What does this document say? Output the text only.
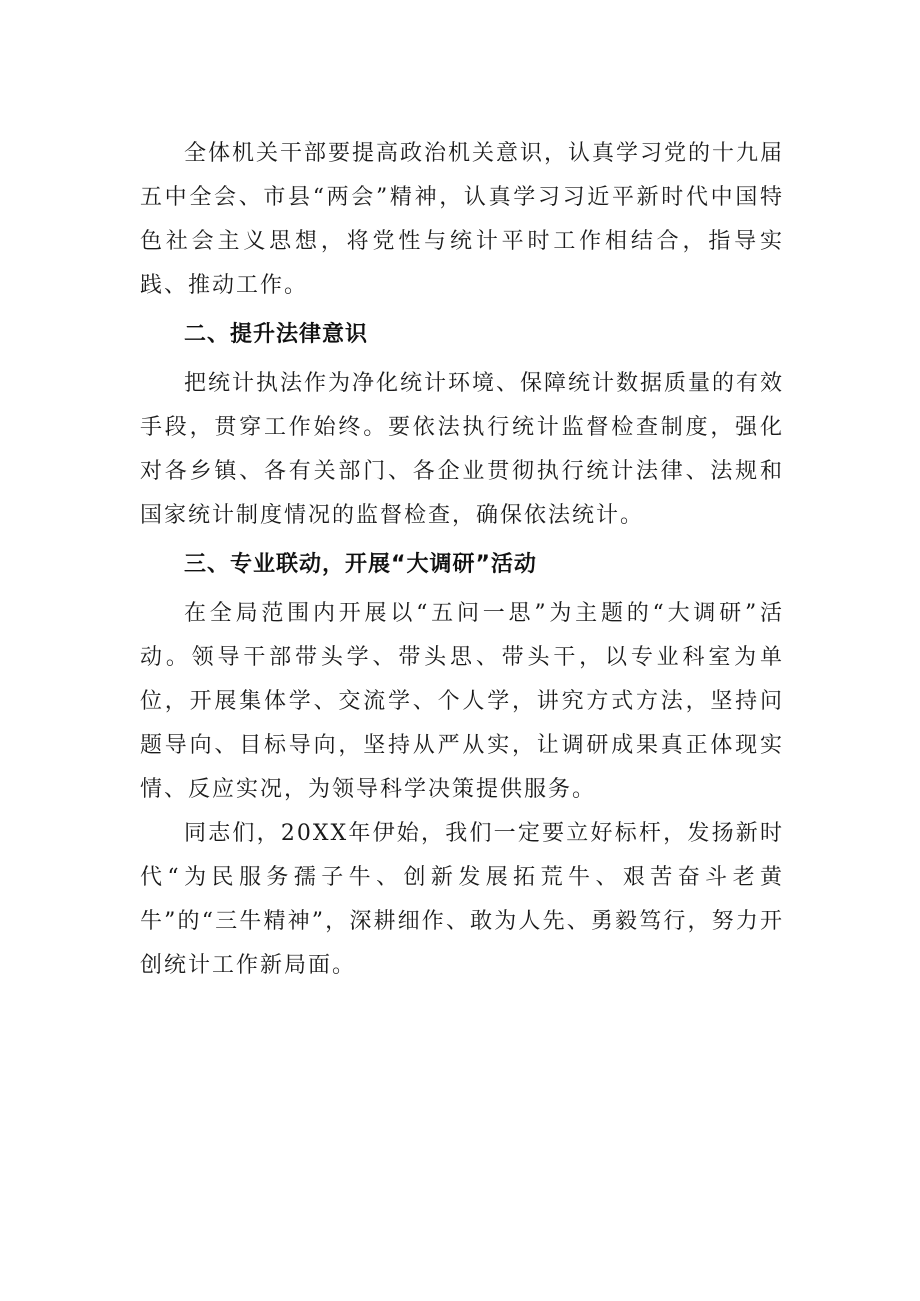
全体机关干部要提高政治机关意识，认真学习党的十九届五中全会、市县“两会”精神，认真学习习近平新时代中国特色社会主义思想，将党性与统计平时工作相结合，指导实践、推动工作。

二、提升法律意识

把统计执法作为净化统计环境、保障统计数据质量的有效手段，贯穿工作始终。要依法执行统计监督检查制度，强化对各乡镇、各有关部门、各企业贯彻执行统计法律、法规和国家统计制度情况的监督检查，确保依法统计。

三、专业联动，开展“大调研”活动

在全局范围内开展以“五问一思”为主题的“大调研”活动。领导干部带头学、带头思、带头干，以专业科室为单位，开展集体学、交流学、个人学，讲究方式方法，坚持问题导向、目标导向，坚持从严从实，让调研成果真正体现实情、反应实况，为领导科学决策提供服务。

同志们，20XX年伊始，我们一定要立好标杆，发扬新时代“为民服务孺子牛、创新发展拓荒牛、艰苦奋斗老黄牛”的“三牛精神”，深耕细作、敢为人先、勇毅笃行，努力开创统计工作新局面。
